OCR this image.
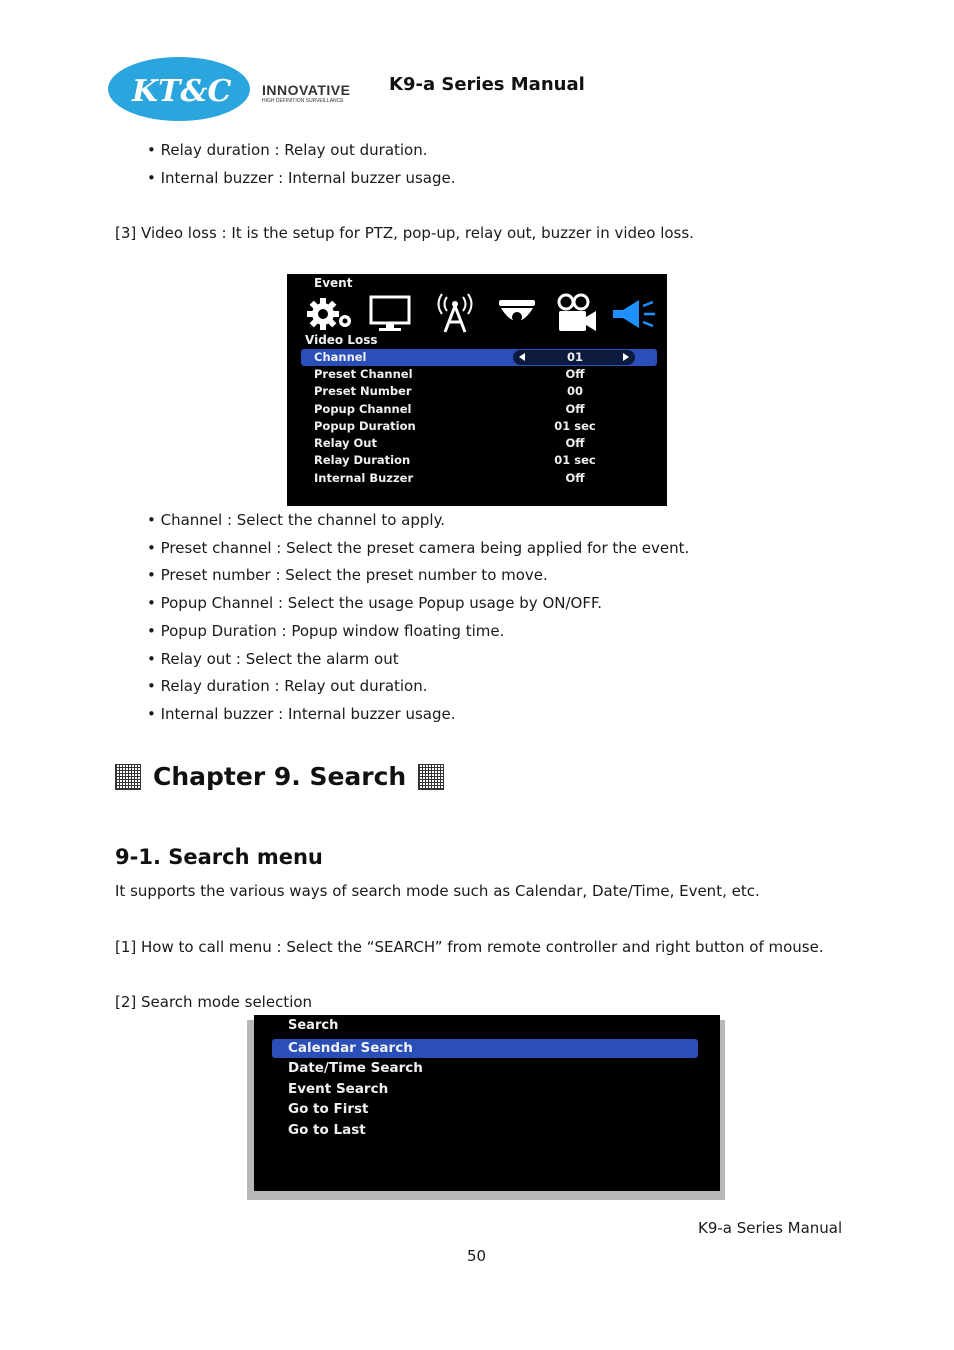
KT&C INNOVATIVE
HIGH DEFINITION SURVEILLANCE
K9-a Series Manual
• Relay duration : Relay out duration.
• Internal buzzer : Internal buzzer usage.
[3] Video loss : It is the setup for PTZ, pop-up, relay out, buzzer in video loss.
Event
Video Loss
Channel	01
Preset Channel	Off
Preset Number	00
Popup Channel	Off
Popup Duration	01 sec
Relay Out	Off
Relay Duration	01 sec
Internal Buzzer	Off
• Channel : Select the channel to apply.
• Preset channel : Select the preset camera being applied for the event.
• Preset number : Select the preset number to move.
• Popup Channel : Select the usage Popup usage by ON/OFF.
• Popup Duration : Popup window floating time.
• Relay out : Select the alarm out
• Relay duration : Relay out duration.
• Internal buzzer : Internal buzzer usage.
Chapter 9. Search
9-1. Search menu
It supports the various ways of search mode such as Calendar, Date/Time, Event, etc.
[1] How to call menu : Select the “SEARCH” from remote controller and right button of mouse.
[2] Search mode selection
Search
Calendar Search
Date/Time Search
Event Search
Go to First
Go to Last
K9-a Series Manual
50
